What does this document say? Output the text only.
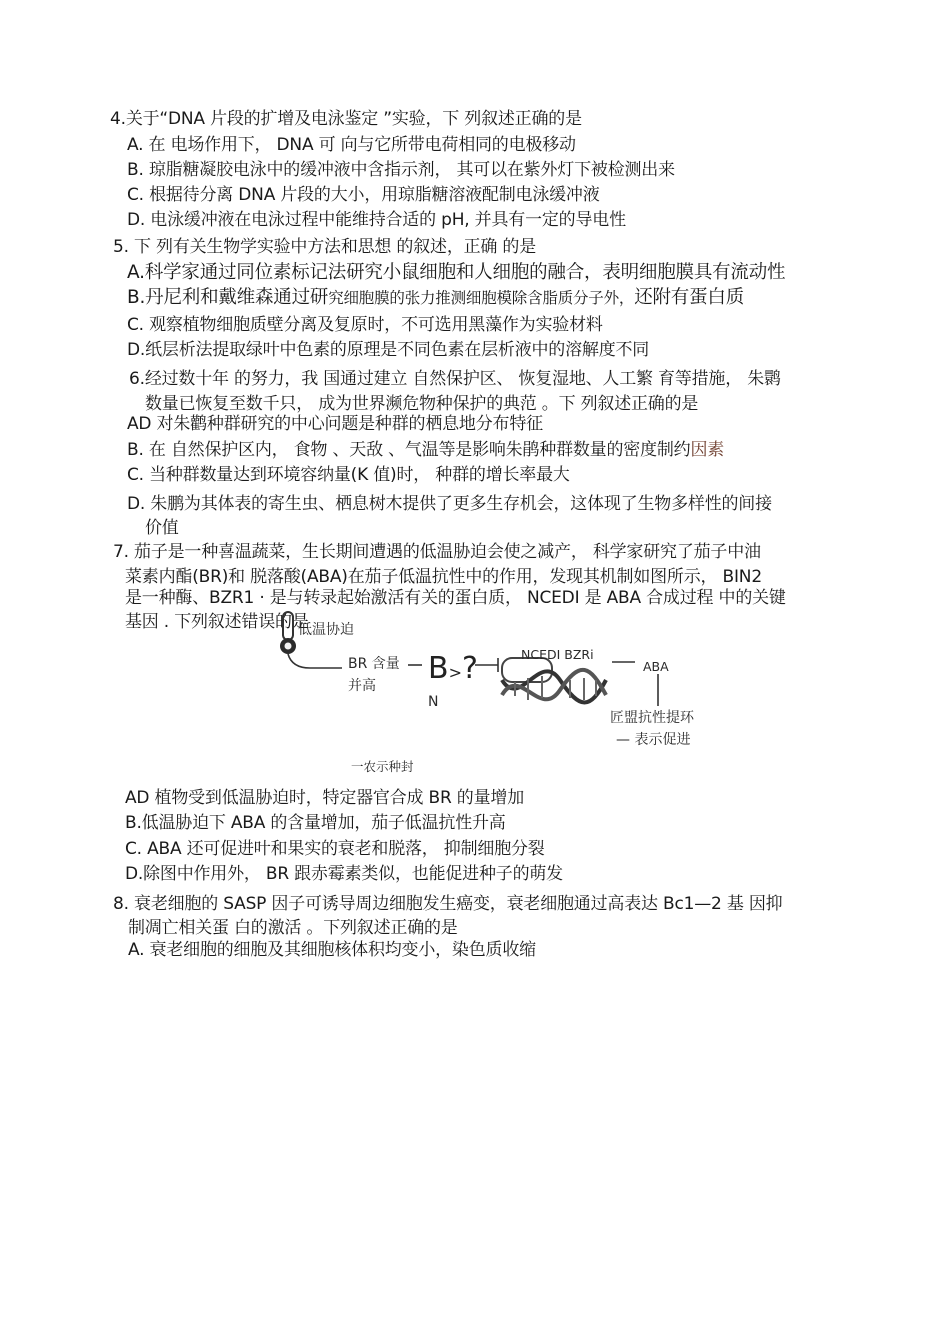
4.关于“DNA 片段的扩增及电泳鉴定 ”实验，下 列叙述正确的是
A. 在 电场作用下， DNA 可 向与它所带电荷相同的电极移动
B. 琼脂糖凝胶电泳中的缓冲液中含指示剂， 其可以在紫外灯下被检测出来
C. 根据待分离 DNA 片段的大小，用琼脂糖溶液配制电泳缓冲液
D. 电泳缓冲液在电泳过程中能维持合适的 pH, 并具有一定的导电性
5. 下 列有关生物学实验中方法和思想 的叙述，正确 的是
A.科学家通过同位素标记法研究小鼠细胞和人细胞的融合，表明细胞膜具有流动性
B.丹尼利和戴维森通过研究细胞膜的张力推测细胞模除含脂质分子外，还附有蛋白质
C. 观察植物细胞质壁分离及复原时，不可选用黑藻作为实验材料
D.纸层析法提取绿叶中色素的原理是不同色素在层析液中的溶解度不同
6.经过数十年 的努力，我 国通过建立 自然保护区、 恢复湿地、人工繁 育等措施， 朱鹮
数量已恢复至数千只， 成为世界濒危物种保护的典范 。下 列叙述正确的是
AD 对朱鹳种群研究的中心问题是种群的栖息地分布特征
B. 在 自然保护区内， 食物 、天敌 、气温等是影响朱鹃种群数量的密度制约因素
C. 当种群数量达到环境容纳量(K 值)时， 种群的增长率最大
D. 朱鹏为其体表的寄生虫、栖息树木提供了更多生存机会，这体现了生物多样性的间接
价值
7. 茄子是一种喜温蔬菜，生长期间遭遇的低温胁迫会使之减产， 科学家研究了茄子中油
菜素内酯(BR)和 脱落酸(ABA)在茄子低温抗性中的作用，发现其机制如图所示， BIN2
是一种酶、BZR1 · 是与转录起始激活有关的蛋白质， NCEDI 是 ABA 合成过程 中的关键
基因 . 下列叙述错误的是
低温协迫
BR 含量
并高 B>?
N
NCEDI BZRi
ABA
匠盟抗性提环
— 表示促进
一农示种封
AD 植物受到低温胁迫时，特定器官合成 BR 的量增加
B.低温胁迫下 ABA 的含量增加，茄子低温抗性升高
C. ABA 还可促进叶和果实的衰老和脱落， 抑制细胞分裂
D.除图中作用外， BR 跟赤霉素类似，也能促进种子的萌发
8. 衰老细胞的 SASP 因子可诱导周边细胞发生癌变，衰老细胞通过高表达 Bc1—2 基 因抑
制凋亡相关蛋 白的激活 。下列叙述正确的是
A. 衰老细胞的细胞及其细胞核体积均变小，染色质收缩
